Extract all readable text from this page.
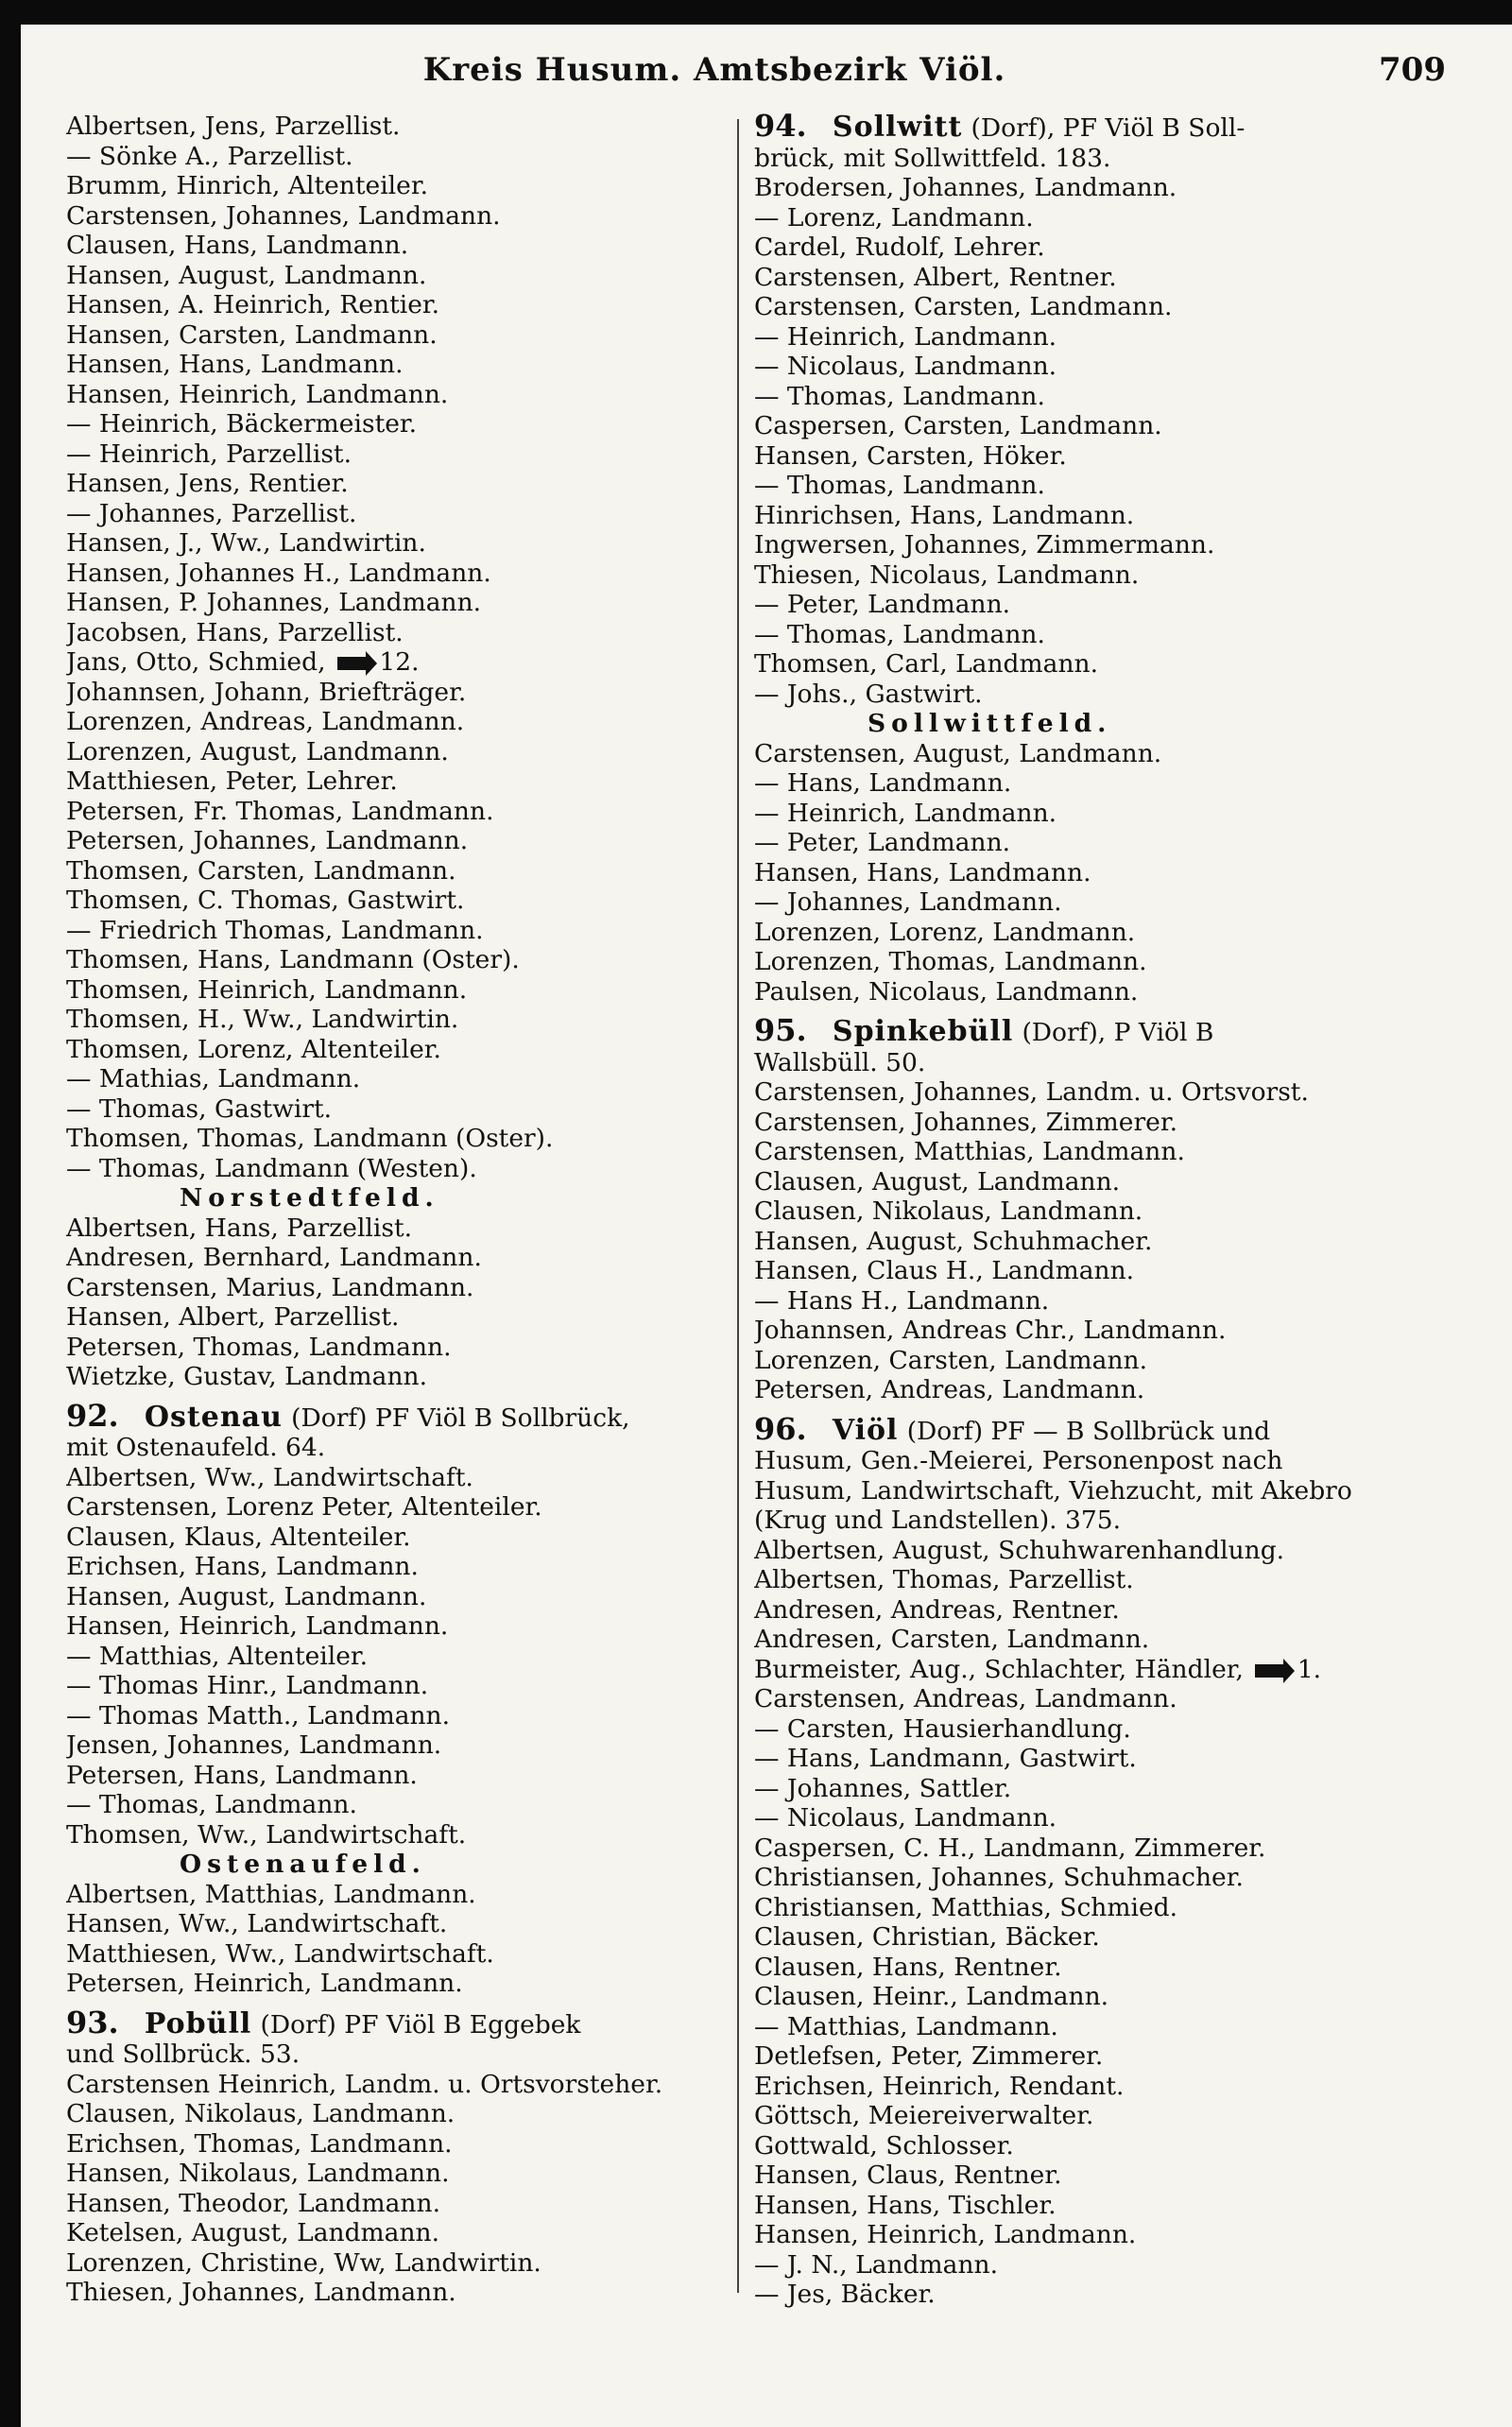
Kreis Husum. Amtsbezirk Viöl.	709
Albertsen, Jens, Parzellist.
— Sönke A., Parzellist.
Brumm, Hinrich, Altenteiler.
Carstensen, Johannes, Landmann.
Clausen, Hans, Landmann.
Hansen, August, Landmann.
Hansen, A. Heinrich, Rentier.
Hansen, Carsten, Landmann.
Hansen, Hans, Landmann.
Hansen, Heinrich, Landmann.
— Heinrich, Bäckermeister.
— Heinrich, Parzellist.
Hansen, Jens, Rentier.
— Johannes, Parzellist.
Hansen, J., Ww., Landwirtin.
Hansen, Johannes H., Landmann.
Hansen, P. Johannes, Landmann.
Jacobsen, Hans, Parzellist.
Jans, Otto, Schmied, 12.
Johannsen, Johann, Briefträger.
Lorenzen, Andreas, Landmann.
Lorenzen, August, Landmann.
Matthiesen, Peter, Lehrer.
Petersen, Fr. Thomas, Landmann.
Petersen, Johannes, Landmann.
Thomsen, Carsten, Landmann.
Thomsen, C. Thomas, Gastwirt.
— Friedrich Thomas, Landmann.
Thomsen, Hans, Landmann (Oster).
Thomsen, Heinrich, Landmann.
Thomsen, H., Ww., Landwirtin.
Thomsen, Lorenz, Altenteiler.
— Mathias, Landmann.
— Thomas, Gastwirt.
Thomsen, Thomas, Landmann (Oster).
— Thomas, Landmann (Westen).
Norstedtfeld.
Albertsen, Hans, Parzellist.
Andresen, Bernhard, Landmann.
Carstensen, Marius, Landmann.
Hansen, Albert, Parzellist.
Petersen, Thomas, Landmann.
Wietzke, Gustav, Landmann.
92. Ostenau (Dorf) PF Viöl B Sollbrück,
mit Ostenaufeld. 64.
Albertsen, Ww., Landwirtschaft.
Carstensen, Lorenz Peter, Altenteiler.
Clausen, Klaus, Altenteiler.
Erichsen, Hans, Landmann.
Hansen, August, Landmann.
Hansen, Heinrich, Landmann.
— Matthias, Altenteiler.
— Thomas Hinr., Landmann.
— Thomas Matth., Landmann.
Jensen, Johannes, Landmann.
Petersen, Hans, Landmann.
— Thomas, Landmann.
Thomsen, Ww., Landwirtschaft.
Ostenaufeld.
Albertsen, Matthias, Landmann.
Hansen, Ww., Landwirtschaft.
Matthiesen, Ww., Landwirtschaft.
Petersen, Heinrich, Landmann.
93. Pobüll (Dorf) PF Viöl B Eggebek
und Sollbrück. 53.
Carstensen Heinrich, Landm. u. Ortsvorsteher.
Clausen, Nikolaus, Landmann.
Erichsen, Thomas, Landmann.
Hansen, Nikolaus, Landmann.
Hansen, Theodor, Landmann.
Ketelsen, August, Landmann.
Lorenzen, Christine, Ww, Landwirtin.
Thiesen, Johannes, Landmann.
94. Sollwitt (Dorf), PF Viöl B Soll-
brück, mit Sollwittfeld. 183.
Brodersen, Johannes, Landmann.
— Lorenz, Landmann.
Cardel, Rudolf, Lehrer.
Carstensen, Albert, Rentner.
Carstensen, Carsten, Landmann.
— Heinrich, Landmann.
— Nicolaus, Landmann.
— Thomas, Landmann.
Caspersen, Carsten, Landmann.
Hansen, Carsten, Höker.
— Thomas, Landmann.
Hinrichsen, Hans, Landmann.
Ingwersen, Johannes, Zimmermann.
Thiesen, Nicolaus, Landmann.
— Peter, Landmann.
— Thomas, Landmann.
Thomsen, Carl, Landmann.
— Johs., Gastwirt.
Sollwittfeld.
Carstensen, August, Landmann.
— Hans, Landmann.
— Heinrich, Landmann.
— Peter, Landmann.
Hansen, Hans, Landmann.
— Johannes, Landmann.
Lorenzen, Lorenz, Landmann.
Lorenzen, Thomas, Landmann.
Paulsen, Nicolaus, Landmann.
95. Spinkebüll (Dorf), P Viöl B
Wallsbüll. 50.
Carstensen, Johannes, Landm. u. Ortsvorst.
Carstensen, Johannes, Zimmerer.
Carstensen, Matthias, Landmann.
Clausen, August, Landmann.
Clausen, Nikolaus, Landmann.
Hansen, August, Schuhmacher.
Hansen, Claus H., Landmann.
— Hans H., Landmann.
Johannsen, Andreas Chr., Landmann.
Lorenzen, Carsten, Landmann.
Petersen, Andreas, Landmann.
96. Viöl (Dorf) PF — B Sollbrück und
Husum, Gen.-Meierei, Personenpost nach
Husum, Landwirtschaft, Viehzucht, mit Akebro
(Krug und Landstellen). 375.
Albertsen, August, Schuhwarenhandlung.
Albertsen, Thomas, Parzellist.
Andresen, Andreas, Rentner.
Andresen, Carsten, Landmann.
Burmeister, Aug., Schlachter, Händler, 1.
Carstensen, Andreas, Landmann.
— Carsten, Hausierhandlung.
— Hans, Landmann, Gastwirt.
— Johannes, Sattler.
— Nicolaus, Landmann.
Caspersen, C. H., Landmann, Zimmerer.
Christiansen, Johannes, Schuhmacher.
Christiansen, Matthias, Schmied.
Clausen, Christian, Bäcker.
Clausen, Hans, Rentner.
Clausen, Heinr., Landmann.
— Matthias, Landmann.
Detlefsen, Peter, Zimmerer.
Erichsen, Heinrich, Rendant.
Göttsch, Meiereiverwalter.
Gottwald, Schlosser.
Hansen, Claus, Rentner.
Hansen, Hans, Tischler.
Hansen, Heinrich, Landmann.
— J. N., Landmann.
— Jes, Bäcker.
